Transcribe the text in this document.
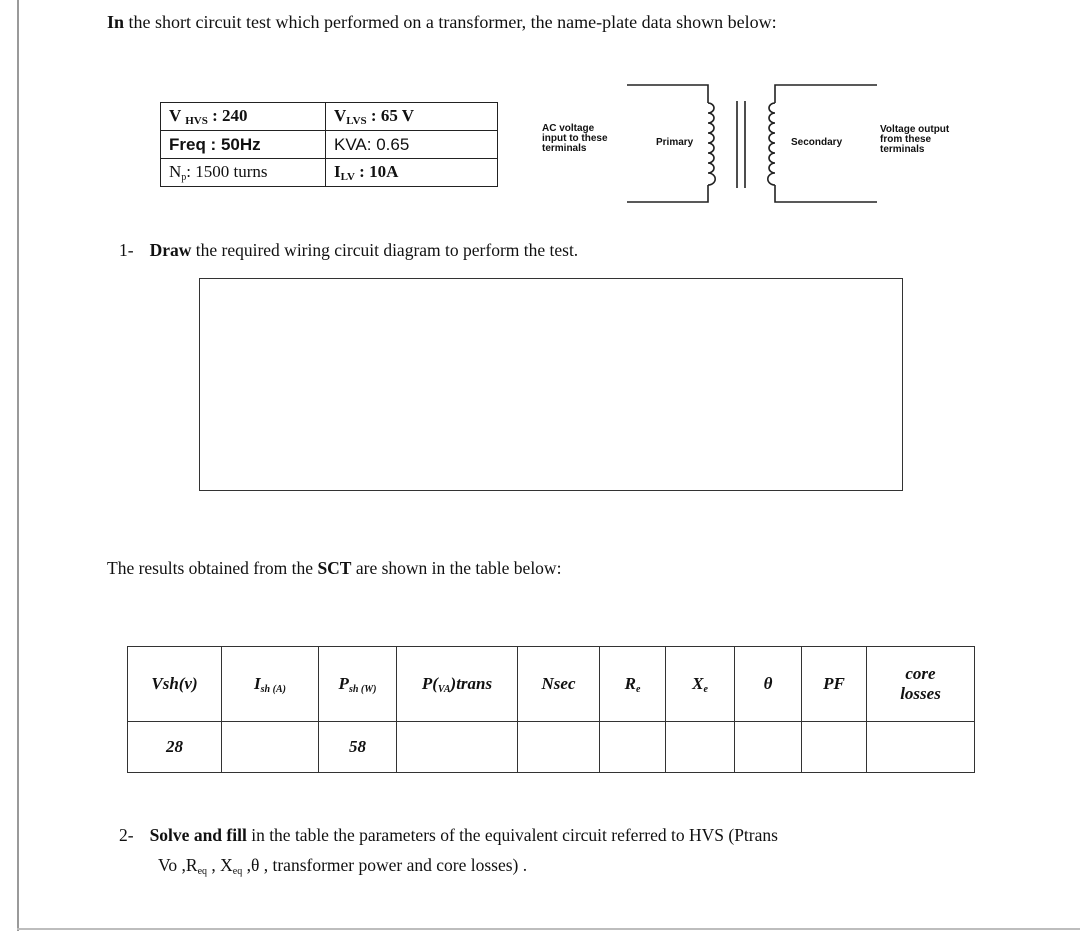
In the short circuit test which performed on a transformer, the name-plate data shown below:
V HVS : 240	VLVS : 65 V
Freq : 50Hz	KVA: 0.65
$N_p$: 1500 turns	ILV : 10A
AC voltage
input to these
terminals
Primary	Secondary
Voltage output
from these
terminals
1- Draw the required wiring circuit diagram to perform the test.
The results obtained from the SCT are shown in the table below:
Vsh(v)	$I_{sh (A)}$	$P_{sh (W)}$	$P(_{VA})trans$	Nsec	$R_e$	$X_e$	θ	PF	core
losses

28		58							
2- Solve and fill in the table the parameters of the equivalent circuit referred to HVS (Ptrans
Vo $,R_{eq}$ , $X_{eq}$ ,θ , transformer power and core losses) .
